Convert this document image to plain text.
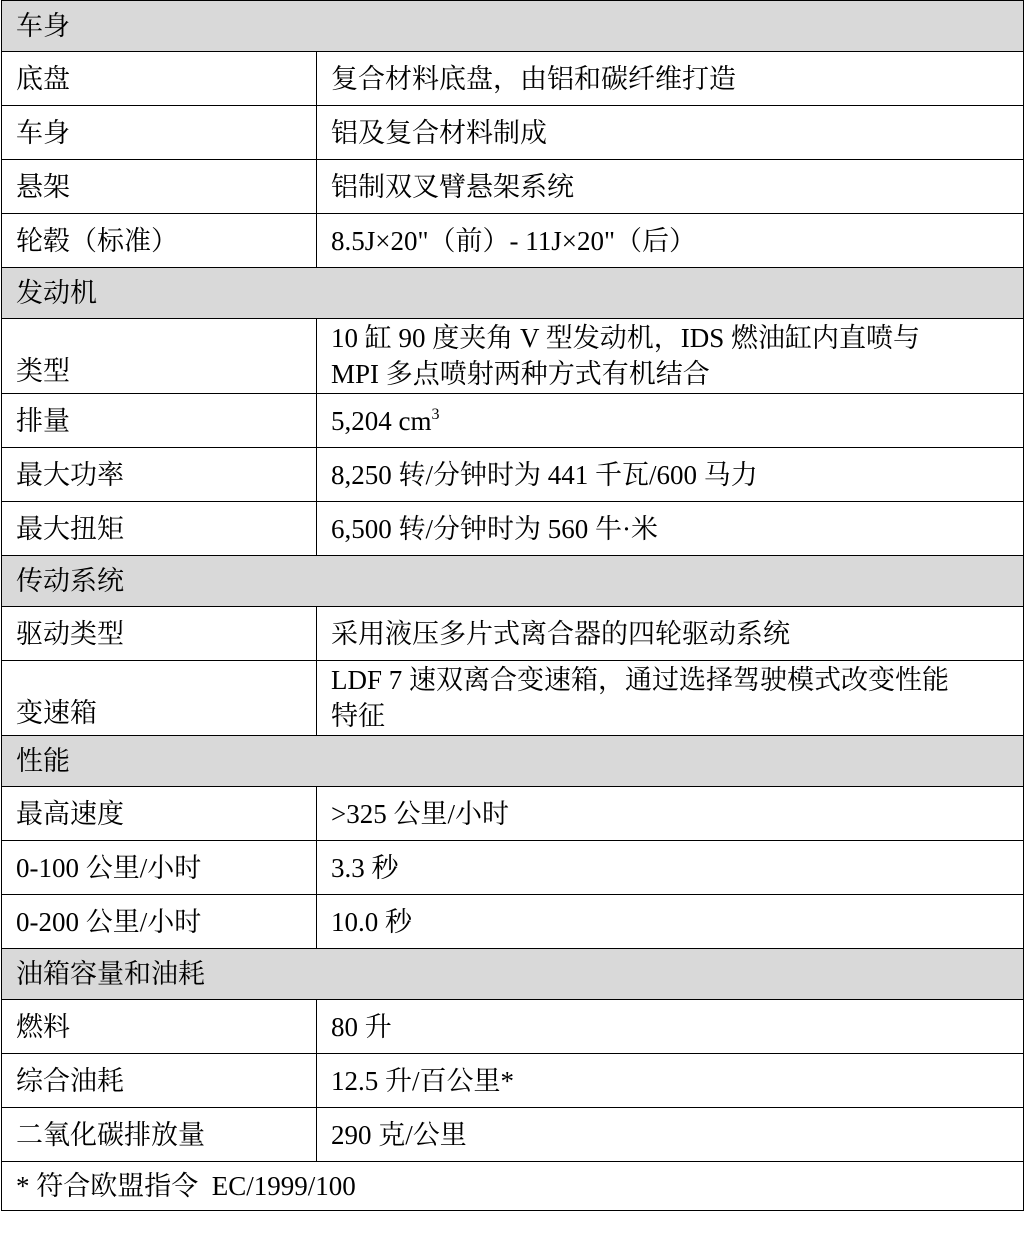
车身	
底盘	复合材料底盘，由铝和碳纤维打造
车身	铝及复合材料制成
悬架	铝制双叉臂悬架系统
轮毂（标准）	8.5J×20"（前）- 11J×20"（后）
发动机	
类型	10 缸 90 度夹角 V 型发动机，IDS 燃油缸内直喷与
MPI 多点喷射两种方式有机结合

排量	5,204 $cm^3$
最大功率	8,250 转/分钟时为 441 千瓦/600 马力
最大扭矩	6,500 转/分钟时为 560 牛·米
传动系统	
驱动类型	采用液压多片式离合器的四轮驱动系统
变速箱	LDF 7 速双离合变速箱，通过选择驾驶模式改变性能
特征

性能	
最高速度	>325 公里/小时
0-100 公里/小时	3.3 秒
0-200 公里/小时	10.0 秒
油箱容量和油耗	
燃料	80 升
综合油耗	12.5 升/百公里*
二氧化碳排放量	290 克/公里
* 符合欧盟指令  EC/1999/100	
